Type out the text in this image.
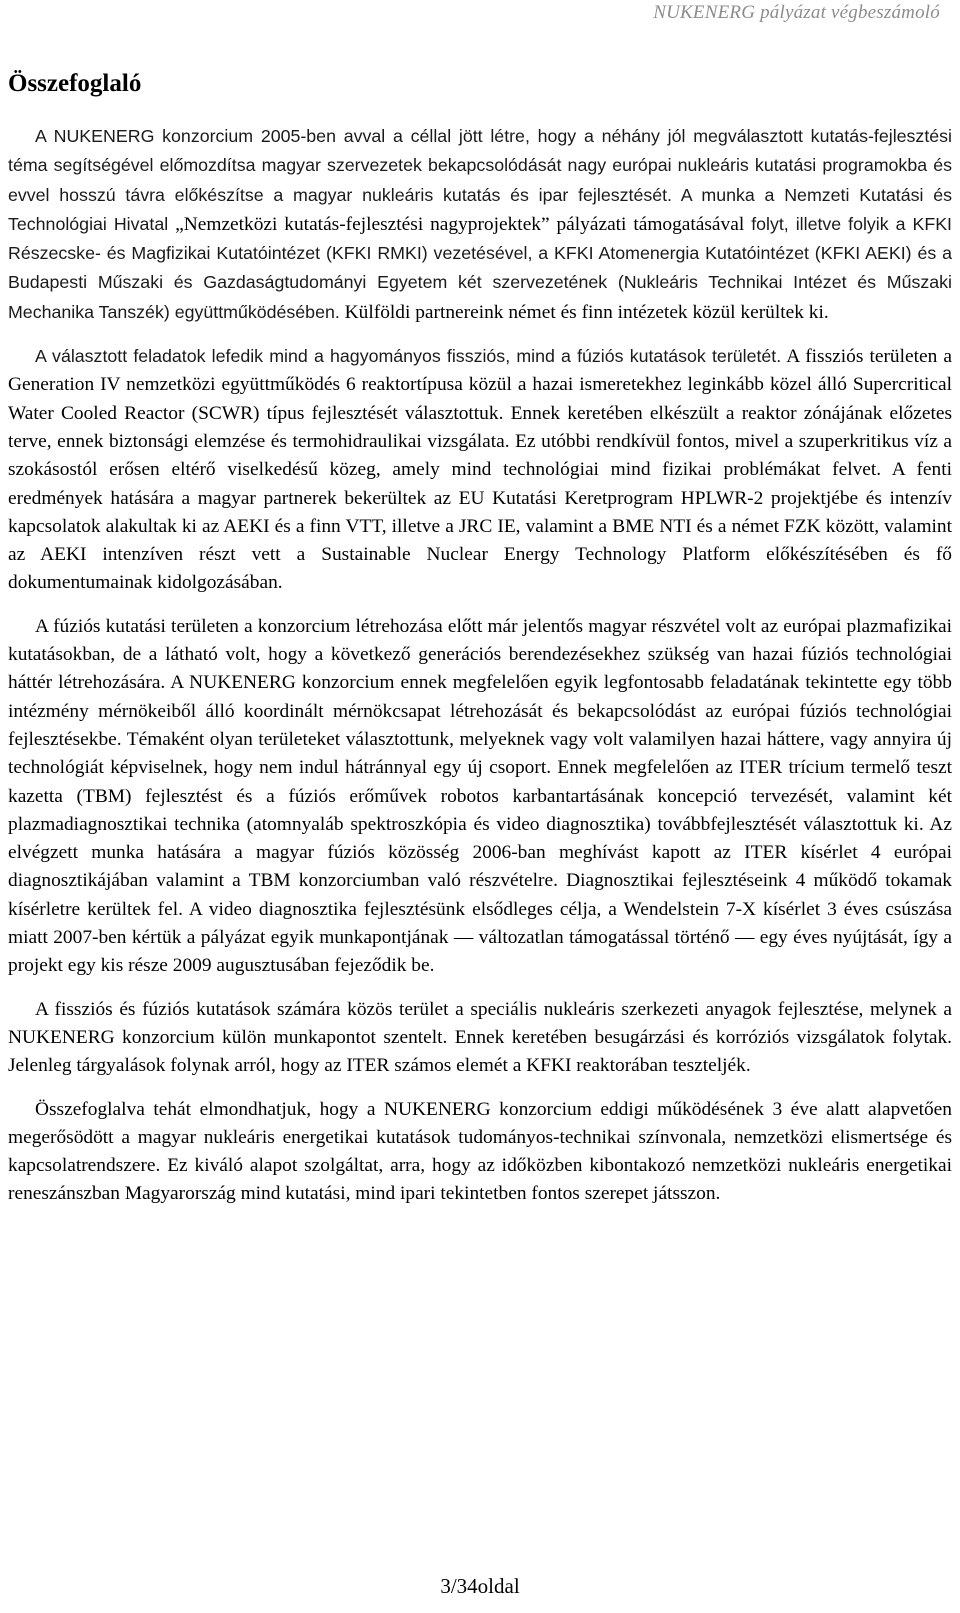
NUKENERG pályázat végbeszámoló
Összefoglaló

A NUKENERG konzorcium 2005-ben avval a céllal jött létre, hogy a néhány jól megválasztott kutatás-fejlesztési téma segítségével előmozdítsa magyar szervezetek bekapcsolódását nagy európai nukleáris kutatási programokba és evvel hosszú távra előkészítse a magyar nukleáris kutatás és ipar fejlesztését. A munka a Nemzeti Kutatási és Technológiai Hivatal „Nemzetközi kutatás-fejlesztési nagyprojektek” pályázati támogatásával folyt, illetve folyik a KFKI Részecske- és Magfizikai Kutatóintézet (KFKI RMKI) vezetésével, a KFKI Atomenergia Kutatóintézet (KFKI AEKI) és a Budapesti Műszaki és Gazdaságtudományi Egyetem két szervezetének (Nukleáris Technikai Intézet és Műszaki Mechanika Tanszék) együttműködésében. Külföldi partnereink német és finn intézetek közül kerültek ki.

A választott feladatok lefedik mind a hagyományos fissziós, mind a fúziós kutatások területét. A fissziós területen a Generation IV nemzetközi együttműködés 6 reaktortípusa közül a hazai ismeretekhez leginkább közel álló Supercritical Water Cooled Reactor (SCWR) típus fejlesztését választottuk. Ennek keretében elkészült a reaktor zónájának előzetes terve, ennek biztonsági elemzése és termohidraulikai vizsgálata. Ez utóbbi rendkívül fontos, mivel a szuperkritikus víz a szokásostól erősen eltérő viselkedésű közeg, amely mind technológiai mind fizikai problémákat felvet. A fenti eredmények hatására a magyar partnerek bekerültek az EU Kutatási Keretprogram HPLWR-2 projektjébe és intenzív kapcsolatok alakultak ki az AEKI és a finn VTT, illetve a JRC IE, valamint a BME NTI és a német FZK között, valamint az AEKI intenzíven részt vett a Sustainable Nuclear Energy Technology Platform előkészítésében és fő dokumentumainak kidolgozásában.

A fúziós kutatási területen a konzorcium létrehozása előtt már jelentős magyar részvétel volt az európai plazmafizikai kutatásokban, de a látható volt, hogy a következő generációs berendezésekhez szükség van hazai fúziós technológiai háttér létrehozására. A NUKENERG konzorcium ennek megfelelően egyik legfontosabb feladatának tekintette egy több intézmény mérnökeiből álló koordinált mérnökcsapat létrehozását és bekapcsolódást az európai fúziós technológiai fejlesztésekbe. Témaként olyan területeket választottunk, melyeknek vagy volt valamilyen hazai háttere, vagy annyira új technológiát képviselnek, hogy nem indul hátránnyal egy új csoport. Ennek megfelelően az ITER trícium termelő teszt kazetta (TBM) fejlesztést és a fúziós erőművek robotos karbantartásának koncepció tervezését, valamint két plazmadiagnosztikai technika (atomnyaláb spektroszkópia és video diagnosztika) továbbfejlesztését választottuk ki. Az elvégzett munka hatására a magyar fúziós közösség 2006-ban meghívást kapott az ITER kísérlet 4 európai diagnosztikájában valamint a TBM konzorciumban való részvételre. Diagnosztikai fejlesztéseink 4 működő tokamak kísérletre kerültek fel. A video diagnosztika fejlesztésünk elsődleges célja, a Wendelstein 7-X kísérlet 3 éves csúszása miatt 2007-ben kértük a pályázat egyik munkapontjának — változatlan támogatással történő — egy éves nyújtását, így a projekt egy kis része 2009 augusztusában fejeződik be.

A fissziós és fúziós kutatások számára közös terület a speciális nukleáris szerkezeti anyagok fejlesztése, melynek a NUKENERG konzorcium külön munkapontot szentelt. Ennek keretében besugárzási és korróziós vizsgálatok folytak. Jelenleg tárgyalások folynak arról, hogy az ITER számos elemét a KFKI reaktorában teszteljék.

Összefoglalva tehát elmondhatjuk, hogy a NUKENERG konzorcium eddigi működésének 3 éve alatt alapvetően megerősödött a magyar nukleáris energetikai kutatások tudományos-technikai színvonala, nemzetközi elismertsége és kapcsolatrendszere. Ez kiváló alapot szolgáltat, arra, hogy az időközben kibontakozó nemzetközi nukleáris energetikai reneszánszban Magyarország mind kutatási, mind ipari tekintetben fontos szerepet játsszon.

3/34oldal
